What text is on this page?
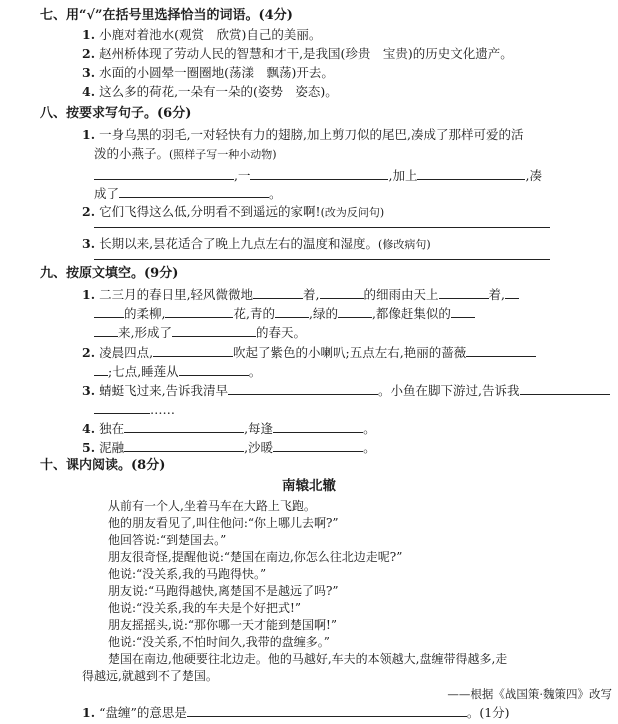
七、用“√”在括号里选择恰当的词语。(4分)
1. 小鹿对着池水(观赏　欣赏)自己的美丽。
2. 赵州桥体现了劳动人民的智慧和才干,是我国(珍贵　宝贵)的历史文化遗产。
3. 水面的小圆晕一圈圈地(荡漾　飘荡)开去。
4. 这么多的荷花,一朵有一朵的(姿势　姿态)。
八、按要求写句子。(6分)
1. 一身乌黑的羽毛,一对轻快有力的翅膀,加上剪刀似的尾巴,凑成了那样可爱的活
泼的小燕子。(照样子写一种小动物)
,一	,加上	,凑
成了	。
2. 它们飞得这么低,分明看不到遥远的家啊!(改为反问句)
3. 长期以来,昙花适合了晚上九点左右的温度和湿度。(修改病句)
九、按原文填空。(9分)
1. 二三月的春日里,轻风微微地	着,	的细雨由天上	着,
的柔柳,	花,青的	,绿的	,都像赶集似的
来,形成了	的春天。
2. 凌晨四点,	吹起了紫色的小喇叭;五点左右,艳丽的蔷薇
;七点,睡莲从	。
3. 蜻蜓飞过来,告诉我清早	。小鱼在脚下游过,告诉我
……
4. 独在	,每逢	。
5. 泥融	,沙暖	。
十、课内阅读。(8分)
南辕北辙
从前有一个人,坐着马车在大路上飞跑。
他的朋友看见了,叫住他问:“你上哪儿去啊?”
他回答说:“到楚国去。”
朋友很奇怪,提醒他说:“楚国在南边,你怎么往北边走呢?”
他说:“没关系,我的马跑得快。”
朋友说:“马跑得越快,离楚国不是越远了吗?”
他说:“没关系,我的车夫是个好把式!”
朋友摇摇头,说:“那你哪一天才能到楚国啊!”
他说:“没关系,不怕时间久,我带的盘缠多。”
楚国在南边,他硬要往北边走。他的马越好,车夫的本领越大,盘缠带得越多,走
得越远,就越到不了楚国。
——根据《战国策·魏策四》改写
1. “盘缠”的意思是	。(1分)
